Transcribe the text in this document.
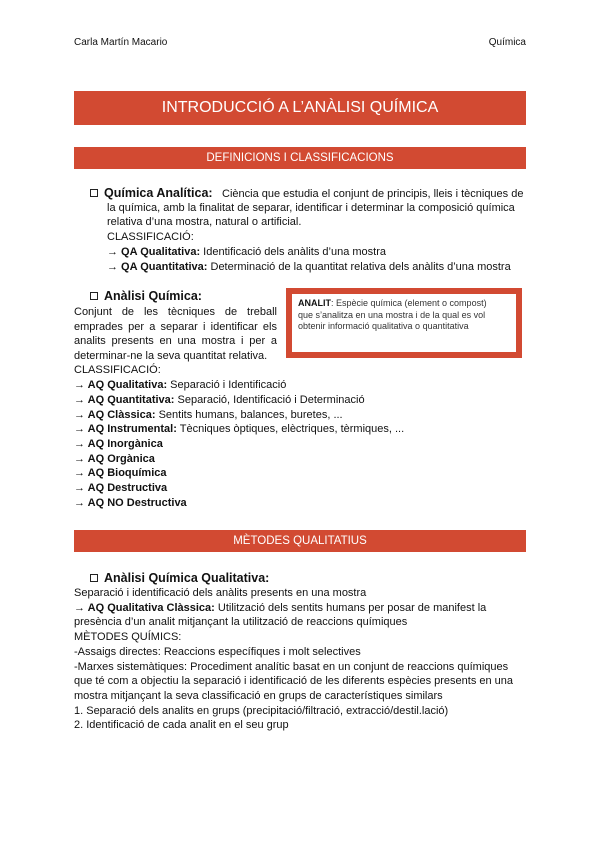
Carla Martín Macario	Química
INTRODUCCIÓ A L’ANÀLISI QUÍMICA
DEFINICIONS I CLASSIFICACIONS
Química Analítica: Ciència que estudia el conjunt de principis, lleis i tècniques de
la química, amb la finalitat de separar, identificar i determinar la composició química
relativa d’una mostra, natural o artificial.
CLASSIFICACIÓ:
→ QA Qualitativa: Identificació dels anàlits d’una mostra
→ QA Quantitativa: Determinació de la quantitat relativa dels anàlits d’una mostra
Anàlisi Química:
Conjunt de les tècniques de treball
emprades per a separar i identificar els
analits presents en una mostra i per a
determinar-ne la seva quantitat relativa.
CLASSIFICACIÓ:
→ AQ Qualitativa: Separació i Identificació
→ AQ Quantitativa: Separació, Identificació i Determinació
→ AQ Clàssica: Sentits humans, balances, buretes, ...
→ AQ Instrumental: Tècniques òptiques, elèctriques, tèrmiques, ...
→ AQ Inorgànica
→ AQ Orgànica
→ AQ Bioquímica
→ AQ Destructiva
→ AQ NO Destructiva
ANALIT: Espècie química (element o compost)
que s’analitza en una mostra i de la qual es vol
obtenir informació qualitativa o quantitativa
MÈTODES QUALITATIUS
Anàlisi Química Qualitativa:
Separació i identificació dels anàlits presents en una mostra
→ AQ Qualitativa Clàssica: Utilització dels sentits humans per posar de manifest la
presència d’un analit mitjançant la utilització de reaccions químiques
MÈTODES QUÍMICS:
-Assaigs directes: Reaccions específiques i molt selectives
-Marxes sistemàtiques: Procediment analític basat en un conjunt de reaccions químiques
que té com a objectiu la separació i identificació de les diferents espècies presents en una
mostra mitjançant la seva classificació en grups de característiques similars
1. Separació dels analits en grups (precipitació/filtració, extracció/destil.lació)
2. Identificació de cada analit en el seu grup
